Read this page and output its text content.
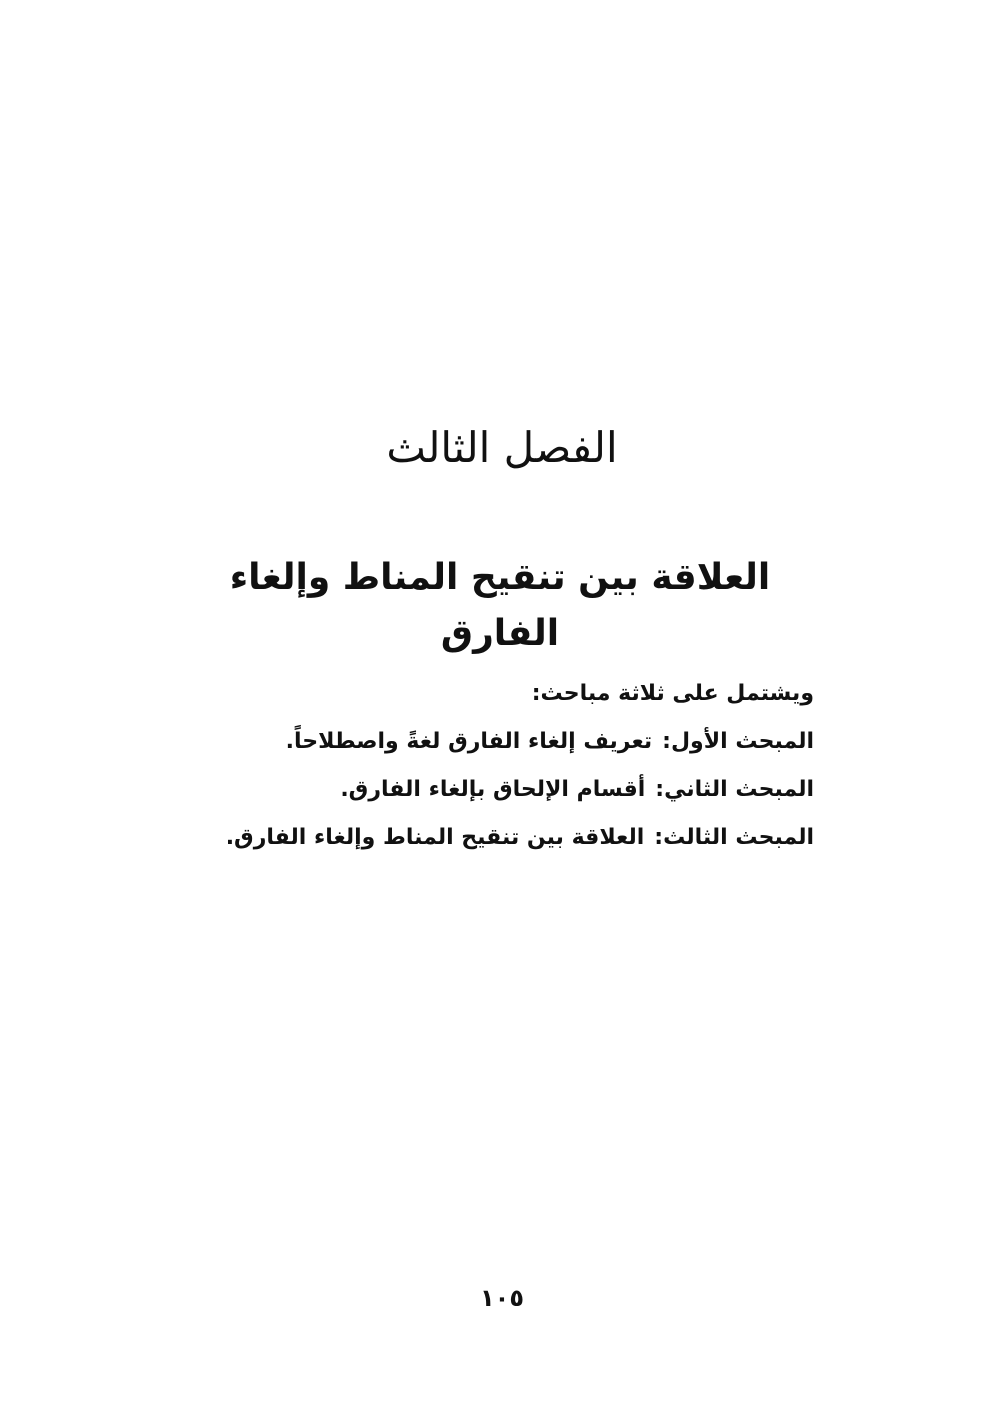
الفصل الثالث
العلاقة بين تنقيح المناط وإلغاء الفارق
ويشتمل على ثلاثة مباحث:
المبحث الأول:تعريف إلغاء الفارق لغةً واصطلاحاً.
المبحث الثاني:أقسام الإلحاق بإلغاء الفارق.
المبحث الثالث:العلاقة بين تنقيح المناط وإلغاء الفارق.
١٠٥
